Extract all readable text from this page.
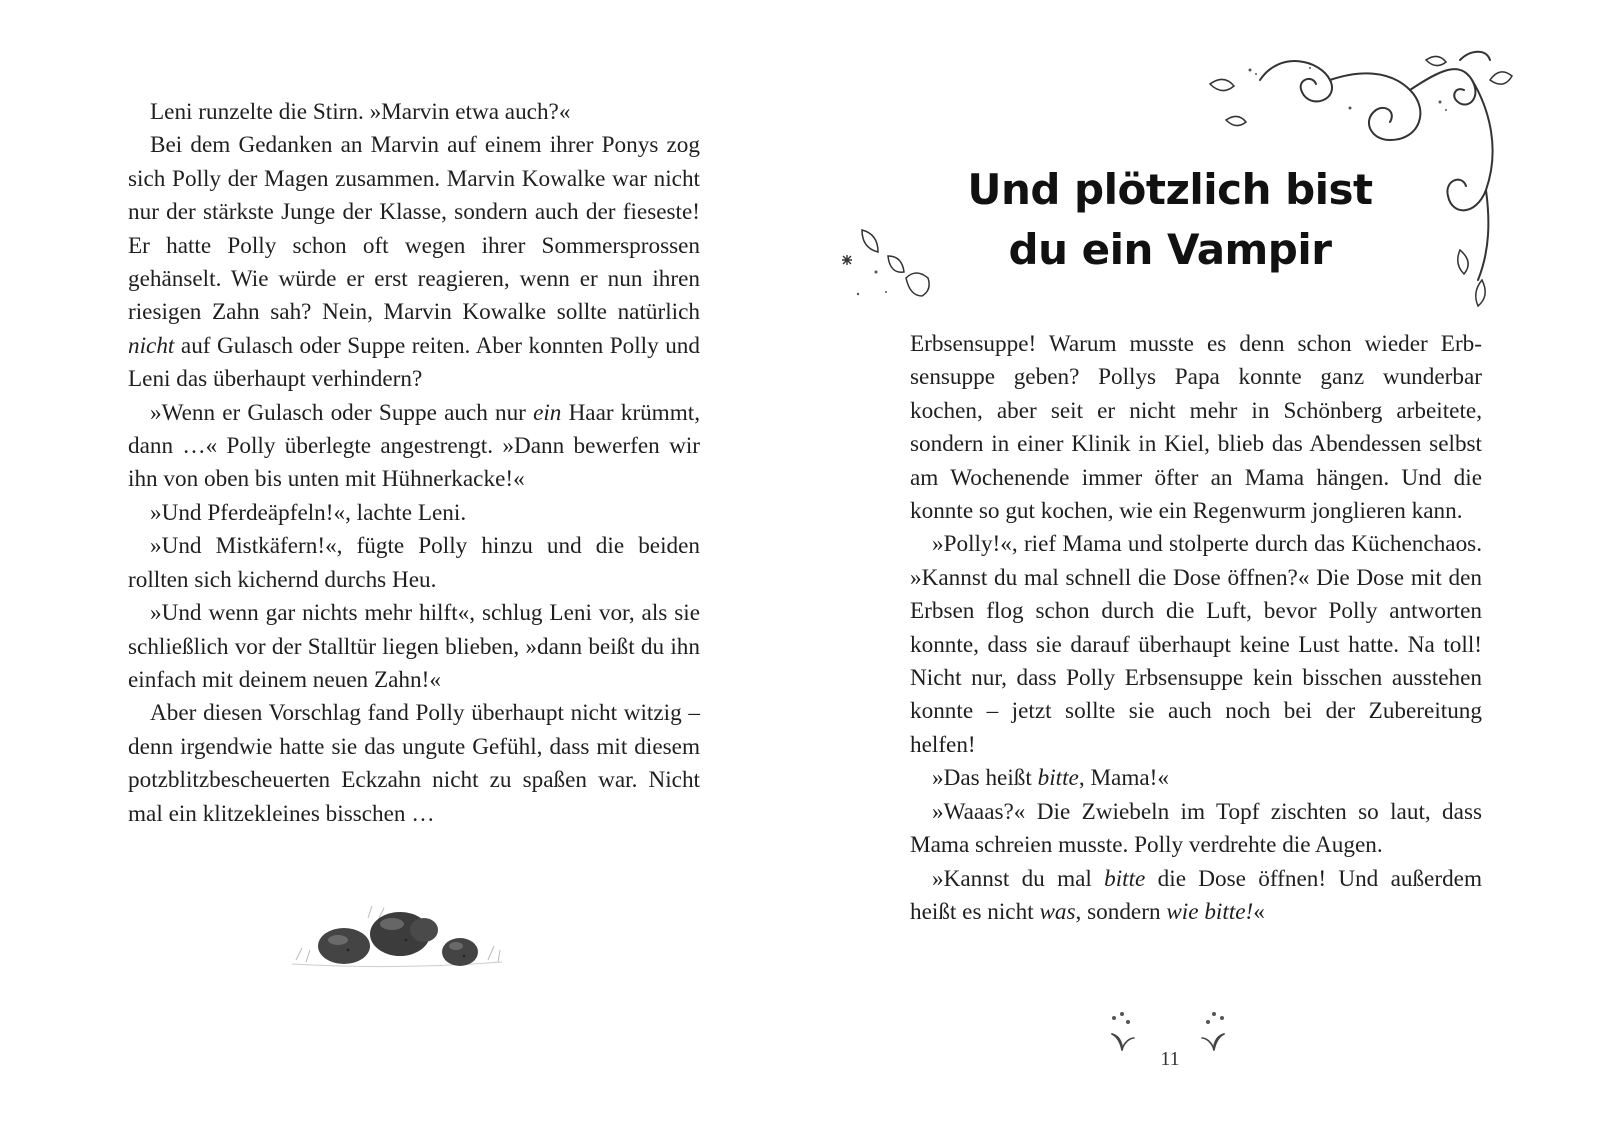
Leni runzelte die Stirn. »Marvin etwa auch?«

Bei dem Gedanken an Marvin auf einem ihrer Ponys zog sich Polly der Magen zusammen. Marvin Kowalke war nicht nur der stärkste Junge der Klasse, sondern auch der fieseste! Er hatte Polly schon oft wegen ihrer Sommersprossen gehänselt. Wie würde er erst reagieren, wenn er nun ihren riesigen Zahn sah? Nein, Marvin Kowalke sollte natürlich nicht auf Gulasch oder Suppe reiten. Aber konnten Polly und Leni das überhaupt verhindern?

»Wenn er Gulasch oder Suppe auch nur ein Haar krümmt, dann …« Polly überlegte angestrengt. »Dann bewerfen wir ihn von oben bis unten mit Hühnerkacke!«

»Und Pferdeäpfeln!«, lachte Leni.

»Und Mistkäfern!«, fügte Polly hinzu und die beiden rollten sich kichernd durchs Heu.

»Und wenn gar nichts mehr hilft«, schlug Leni vor, als sie schließlich vor der Stalltür liegen blieben, »dann beißt du ihn einfach mit deinem neuen Zahn!«

Aber diesen Vorschlag fand Polly überhaupt nicht witzig – denn irgendwie hatte sie das ungute Gefühl, dass mit diesem potzblitzbescheuerten Eckzahn nicht zu spaßen war. Nicht mal ein klitzekleines bisschen …

Und plötzlich bist
du ein Vampir

Erbsensuppe! Warum musste es denn schon wieder Erbsensuppe geben? Pollys Papa konnte ganz wunderbar kochen, aber seit er nicht mehr in Schönberg arbeitete, sondern in einer Klinik in Kiel, blieb das Abendessen selbst am Wochenende immer öfter an Mama hängen. Und die konnte so gut kochen, wie ein Regenwurm jonglieren kann.

»Polly!«, rief Mama und stolperte durch das Küchenchaos. »Kannst du mal schnell die Dose öffnen?« Die Dose mit den Erbsen flog schon durch die Luft, bevor Polly antworten konnte, dass sie darauf überhaupt keine Lust hatte. Na toll! Nicht nur, dass Polly Erbsensuppe kein bisschen ausstehen konnte – jetzt sollte sie auch noch bei der Zubereitung helfen!

»Das heißt bitte, Mama!«

»Waaas?« Die Zwiebeln im Topf zischten so laut, dass Mama schreien musste. Polly verdrehte die Augen.

»Kannst du mal bitte die Dose öffnen! Und außerdem heißt es nicht was, sondern wie bitte!«

11
